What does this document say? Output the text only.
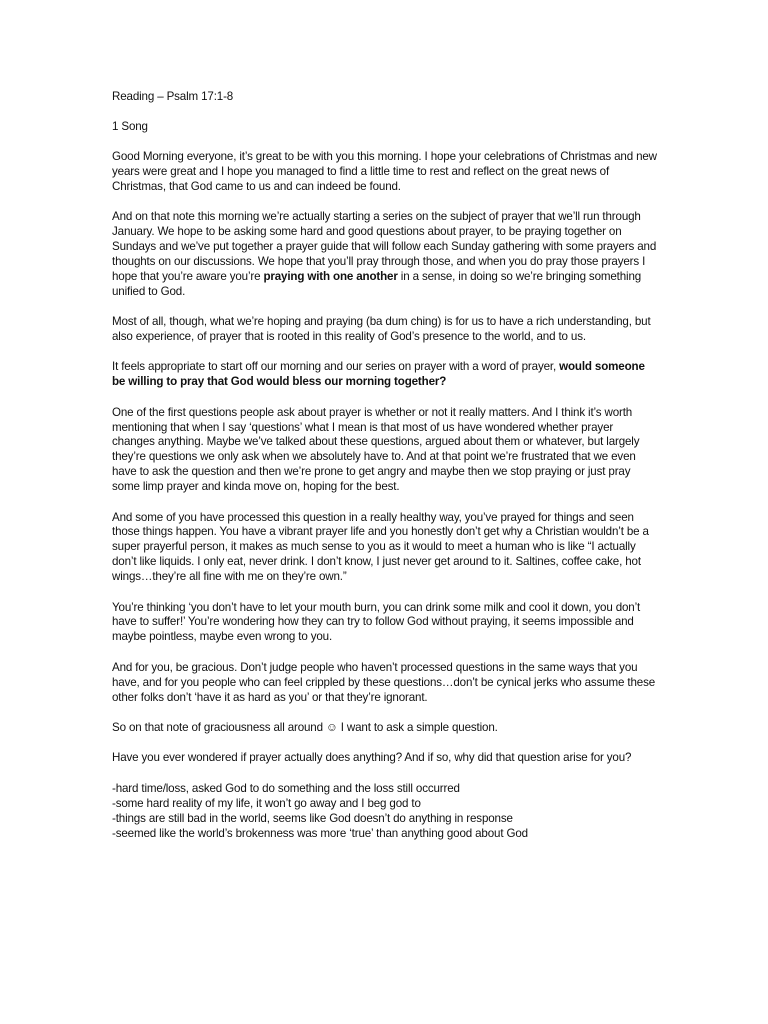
Reading – Psalm 17:1-8
1 Song

Good Morning everyone, it’s great to be with you this morning. I hope your celebrations of Christmas and new years were great and I hope you managed to find a little time to rest and reflect on the great news of Christmas, that God came to us and can indeed be found.

And on that note this morning we’re actually starting a series on the subject of prayer that we’ll run through January. We hope to be asking some hard and good questions about prayer, to be praying together on Sundays and we’ve put together a prayer guide that will follow each Sunday gathering with some prayers and thoughts on our discussions. We hope that you’ll pray through those, and when you do pray those prayers I hope that you’re aware you’re praying with one another in a sense, in doing so we’re bringing something unified to God.

Most of all, though, what we’re hoping and praying (ba dum ching) is for us to have a rich understanding, but also experience, of prayer that is rooted in this reality of God’s presence to the world, and to us.

It feels appropriate to start off our morning and our series on prayer with a word of prayer, would someone be willing to pray that God would bless our morning together?

One of the first questions people ask about prayer is whether or not it really matters. And I think it’s worth mentioning that when I say ‘questions’ what I mean is that most of us have wondered whether prayer changes anything. Maybe we’ve talked about these questions, argued about them or whatever, but largely they’re questions we only ask when we absolutely have to. And at that point we’re frustrated that we even have to ask the question and then we’re prone to get angry and maybe then we stop praying or just pray some limp prayer and kinda move on, hoping for the best.

And some of you have processed this question in a really healthy way, you’ve prayed for things and seen those things happen. You have a vibrant prayer life and you honestly don’t get why a Christian wouldn’t be a super prayerful person, it makes as much sense to you as it would to meet a human who is like “I actually don’t like liquids. I only eat, never drink. I don’t know, I just never get around to it. Saltines, coffee cake, hot wings…they’re all fine with me on they’re own.”

You’re thinking ‘you don’t have to let your mouth burn, you can drink some milk and cool it down, you don’t have to suffer!’ You’re wondering how they can try to follow God without praying, it seems impossible and maybe pointless, maybe even wrong to you.

And for you, be gracious. Don’t judge people who haven’t processed questions in the same ways that you have, and for you people who can feel crippled by these questions…don’t be cynical jerks who assume these other folks don’t ‘have it as hard as you’ or that they’re ignorant.

So on that note of graciousness all around ☺ I want to ask a simple question.

Have you ever wondered if prayer actually does anything? And if so, why did that question arise for you?

-hard time/loss, asked God to do something and the loss still occurred
-some hard reality of my life, it won’t go away and I beg god to
-things are still bad in the world, seems like God doesn’t do anything in response
-seemed like the world’s brokenness was more ‘true’ than anything good about God
